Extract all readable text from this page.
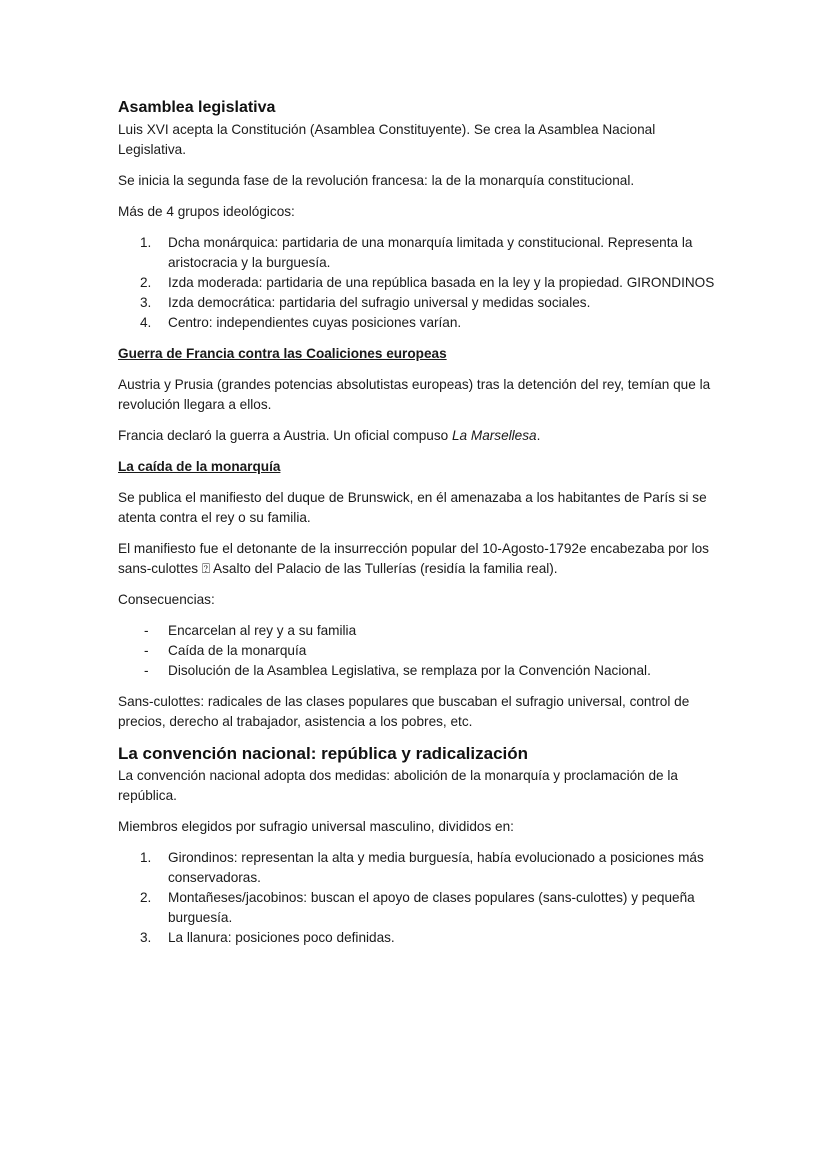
Asamblea legislativa

Luis XVI acepta la Constitución (Asamblea Constituyente). Se crea la Asamblea Nacional Legislativa.

Se inicia la segunda fase de la revolución francesa: la de la monarquía constitucional.

Más de 4 grupos ideológicos:

1. Dcha monárquica: partidaria de una monarquía limitada y constitucional. Representa la aristocracia y la burguesía.
2. Izda moderada: partidaria de una república basada en la ley y la propiedad. GIRONDINOS
3. Izda democrática: partidaria del sufragio universal y medidas sociales.
4. Centro: independientes cuyas posiciones varían.
Guerra de Francia contra las Coaliciones europeas

Austria y Prusia (grandes potencias absolutistas europeas) tras la detención del rey, temían que la revolución llegara a ellos.

Francia declaró la guerra a Austria. Un oficial compuso La Marsellesa.

La caída de la monarquía

Se publica el manifiesto del duque de Brunswick, en él amenazaba a los habitantes de París si se atenta contra el rey o su familia.

El manifiesto fue el detonante de la insurrección popular del 10-Agosto-1792e encabezaba por los sans-culottes ⍰ Asalto del Palacio de las Tullerías (residía la familia real).

Consecuencias:

- Encarcelan al rey y a su familia
- Caída de la monarquía
- Disolución de la Asamblea Legislativa, se remplaza por la Convención Nacional.

Sans-culottes: radicales de las clases populares que buscaban el sufragio universal, control de precios, derecho al trabajador, asistencia a los pobres, etc.

La convención nacional: república y radicalización

La convención nacional adopta dos medidas: abolición de la monarquía y proclamación de la república.

Miembros elegidos por sufragio universal masculino, divididos en:

1. Girondinos: representan la alta y media burguesía, había evolucionado a posiciones más conservadoras.
2. Montañeses/jacobinos: buscan el apoyo de clases populares (sans-culottes) y pequeña burguesía.
3. La llanura: posiciones poco definidas.
